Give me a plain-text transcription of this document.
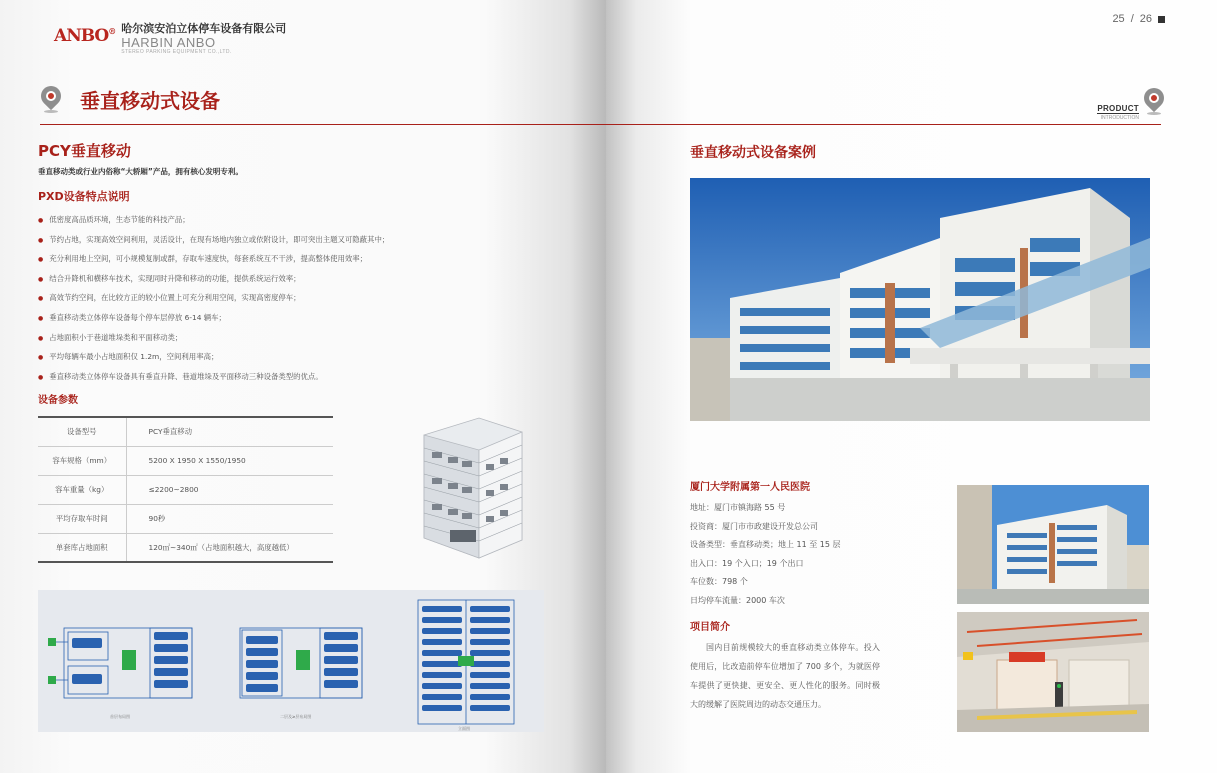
ANBO® 哈尔滨安泊立体停车设备有限公司
HARBIN ANBO
STEREO PARKING EQUIPMENT CO.,LTD.
垂直移动式设备
PCY垂直移动
垂直移动类或行业内俗称“大轿厢”产品，拥有核心发明专利。
PXD设备特点说明
● 低密度高品质环境，生态节能的科技产品；
● 节约占地，实现高效空间利用，灵活设计，在现有场地内独立或依附设计，即可突出主题又可隐蔽其中；
● 充分利用地上空间，可小规模复制或群，存取车速度快，每套系统互不干涉，提高整体使用效率；
● 结合升降机和横移车技术，实现同时升降和移动的功能，提供系统运行效率；
● 高效节约空间，在比较方正的较小位置上可充分利用空间，实现高密度停车；
● 垂直移动类立体停车设备每个停车层停放 6-14 辆车；
● 占地面积小于巷道堆垛类和平面移动类；
● 平均每辆车最小占地面积仅 1.2m，空间利用率高；
● 垂直移动类立体停车设备具有垂直升降、巷道堆垛及平面移动三种设备类型的优点。
设备参数
设备型号	PCY垂直移动
容车规格（mm）	5200 X 1950 X 1550/1950
容车重量（kg）	≤2200~2800
平均存取车时间	90秒
单套库占地面积	120㎡~340㎡（占地面积越大，高度越低）
首层布局图	二层及≥层布局图
立面图
25 / 26
PRODUCT
INTRODUCTION
垂直移动式设备案例
厦门大学附属第一人民医院
地址：厦门市镇海路 55 号
投资商：厦门市市政建设开发总公司
设备类型：垂直移动类；地上 11 至 15 层
出入口：19 个入口；19 个出口
车位数：798 个
日均停车流量：2000 车次
项目简介
国内目前规模较大的垂直移动类立体停车。投入使用后，比改造前停车位增加了 700 多个，为就医停车提供了更快捷、更安全、更人性化的服务。同时极大的缓解了医院周边的动态交通压力。
